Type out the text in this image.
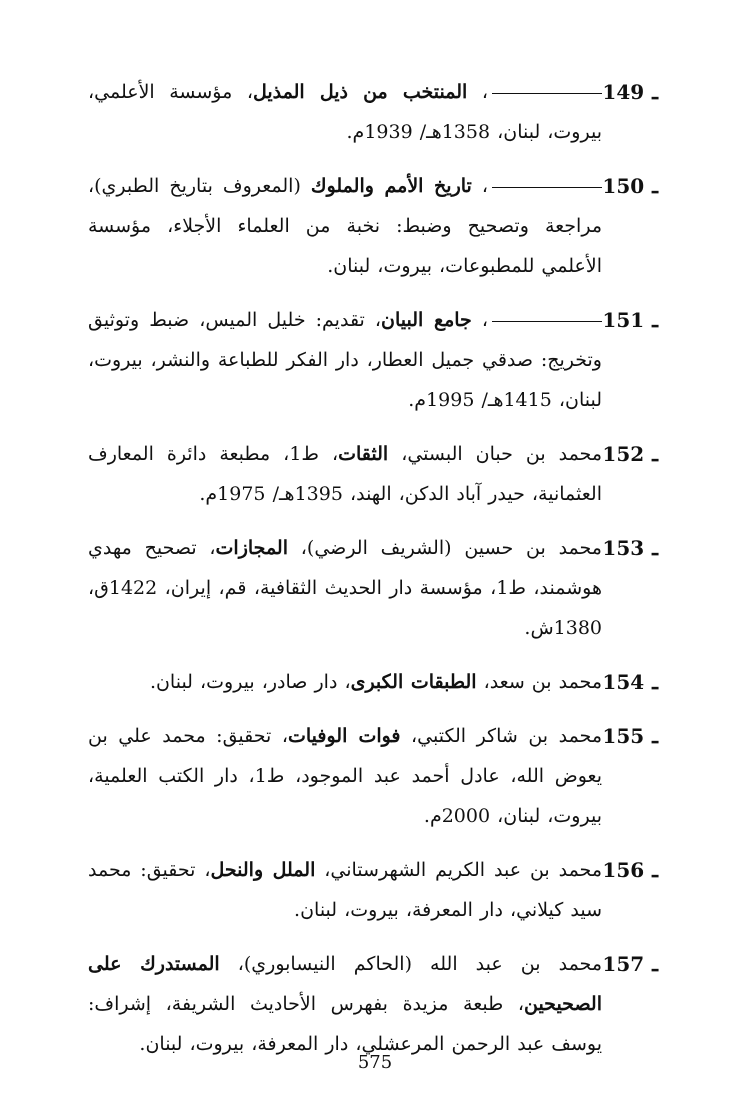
149 ـ
، المنتخب من ذيل المذيل، مؤسسة الأعلمي، بيروت، لبنان، 1358هـ/ 1939م.
150 ـ
، تاريخ الأمم والملوك (المعروف بتاريخ الطبري)، مراجعة وتصحيح وضبط: نخبة من العلماء الأجلاء، مؤسسة الأعلمي للمطبوعات، بيروت، لبنان.
151 ـ
، جامع البيان، تقديم: خليل الميس، ضبط وتوثيق وتخريج: صدقي جميل العطار، دار الفكر للطباعة والنشر، بيروت، لبنان، 1415هـ/ 1995م.
152 ـ
محمد بن حبان البستي، الثقات، ط1، مطبعة دائرة المعارف العثمانية، حيدر آباد الدكن، الهند، 1395هـ/ 1975م.
153 ـ
محمد بن حسين (الشريف الرضي)، المجازات، تصحيح مهدي هوشمند، ط1، مؤسسة دار الحديث الثقافية، قم، إيران، 1422ق، 1380ش.
154 ـ
محمد بن سعد، الطبقات الكبرى، دار صادر، بيروت، لبنان.
155 ـ
محمد بن شاكر الكتبي، فوات الوفيات، تحقيق: محمد علي بن يعوض الله، عادل أحمد عبد الموجود، ط1، دار الكتب العلمية، بيروت، لبنان، 2000م.
156 ـ
محمد بن عبد الكريم الشهرستاني، الملل والنحل، تحقيق: محمد سيد كيلاني، دار المعرفة، بيروت، لبنان.
157 ـ
محمد بن عبد الله (الحاكم النيسابوري)، المستدرك على الصحيحين، طبعة مزيدة بفهرس الأحاديث الشريفة، إشراف: يوسف عبد الرحمن المرعشلي، دار المعرفة، بيروت، لبنان.
575
